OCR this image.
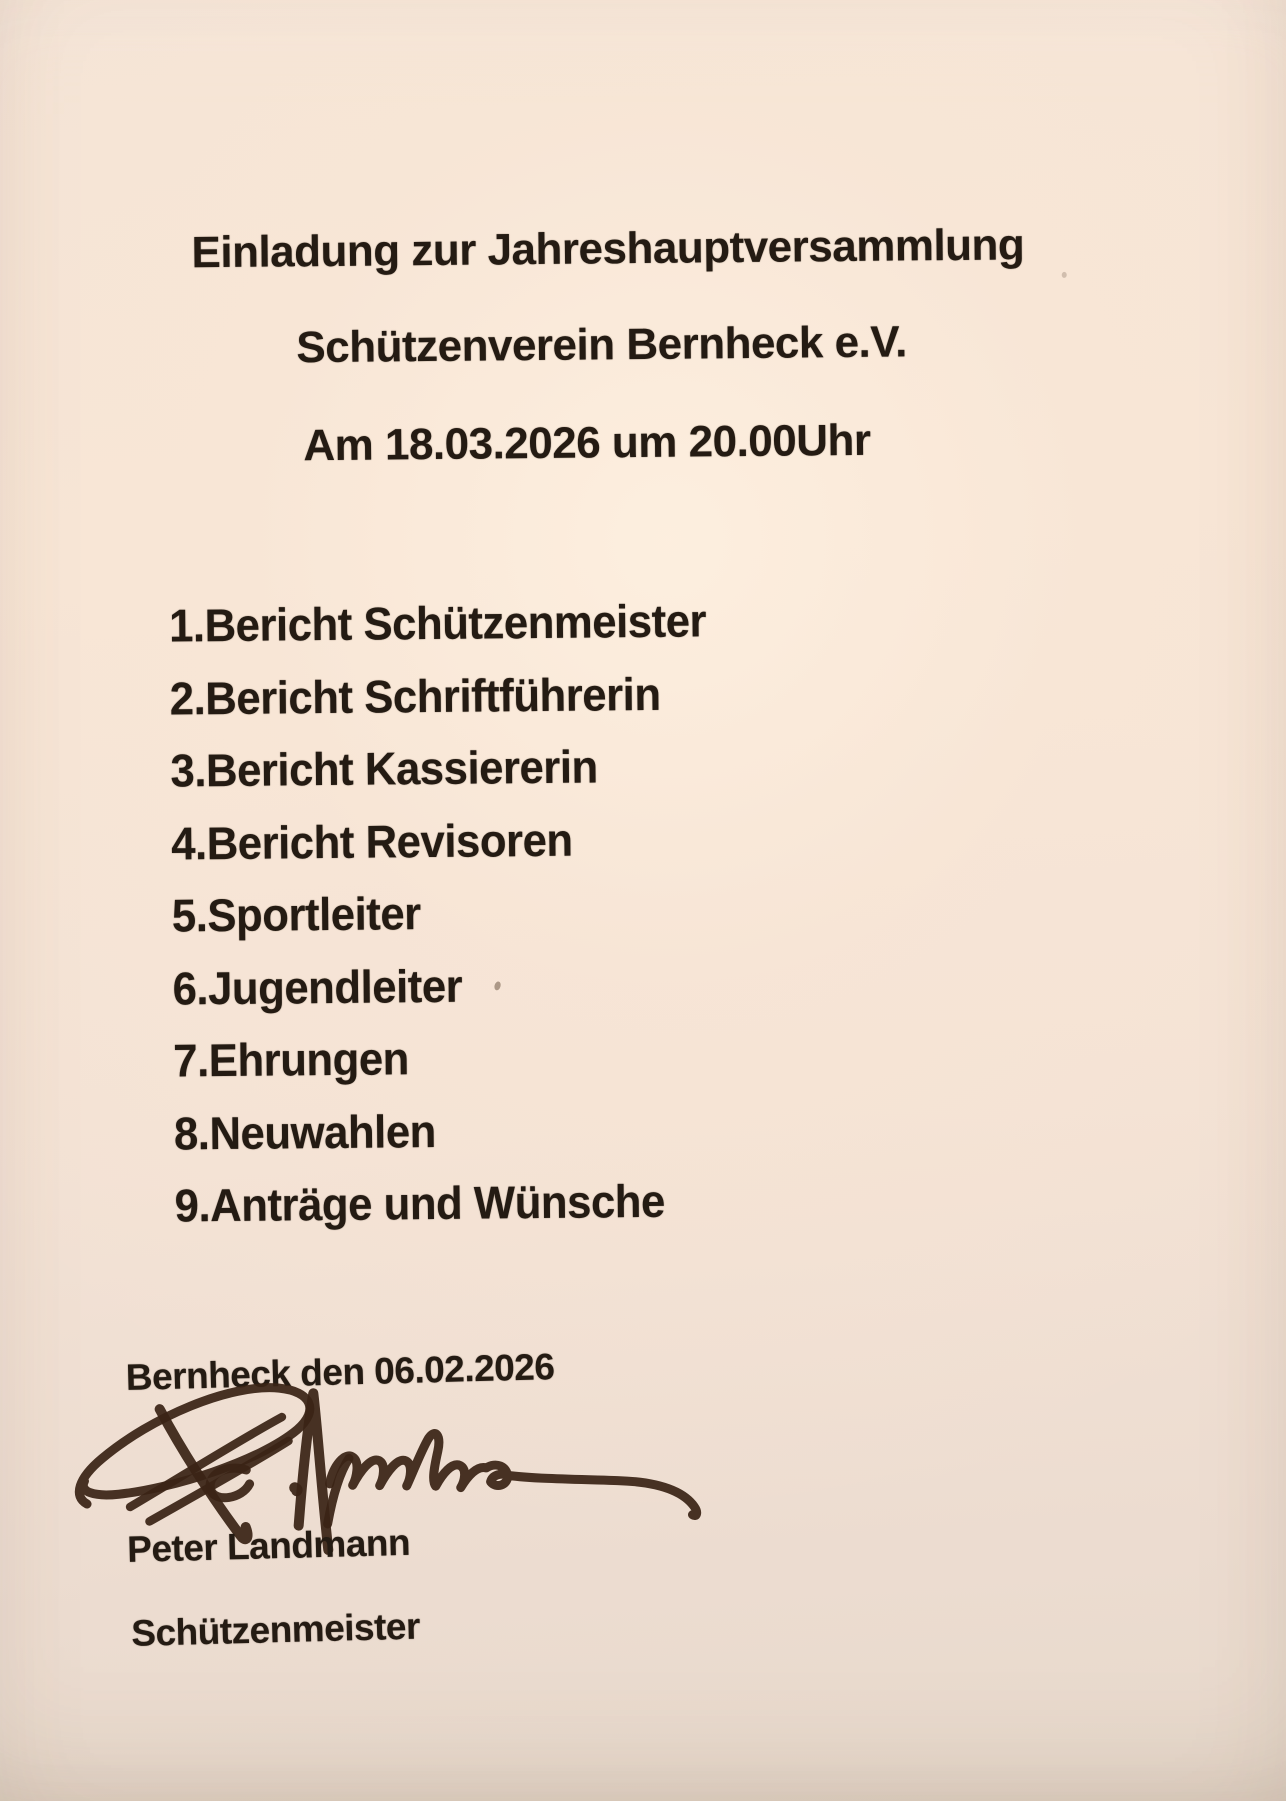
Einladung zur Jahreshauptversammlung
Schützenverein Bernheck e.V.
Am 18.03.2026 um 20.00Uhr
1.Bericht Schützenmeister
2.Bericht Schriftführerin
3.Bericht Kassiererin
4.Bericht Revisoren
5.Sportleiter
6.Jugendleiter
7.Ehrungen
8.Neuwahlen
9.Anträge und Wünsche
Bernheck den 06.02.2026
Peter Landmann
Schützenmeister
